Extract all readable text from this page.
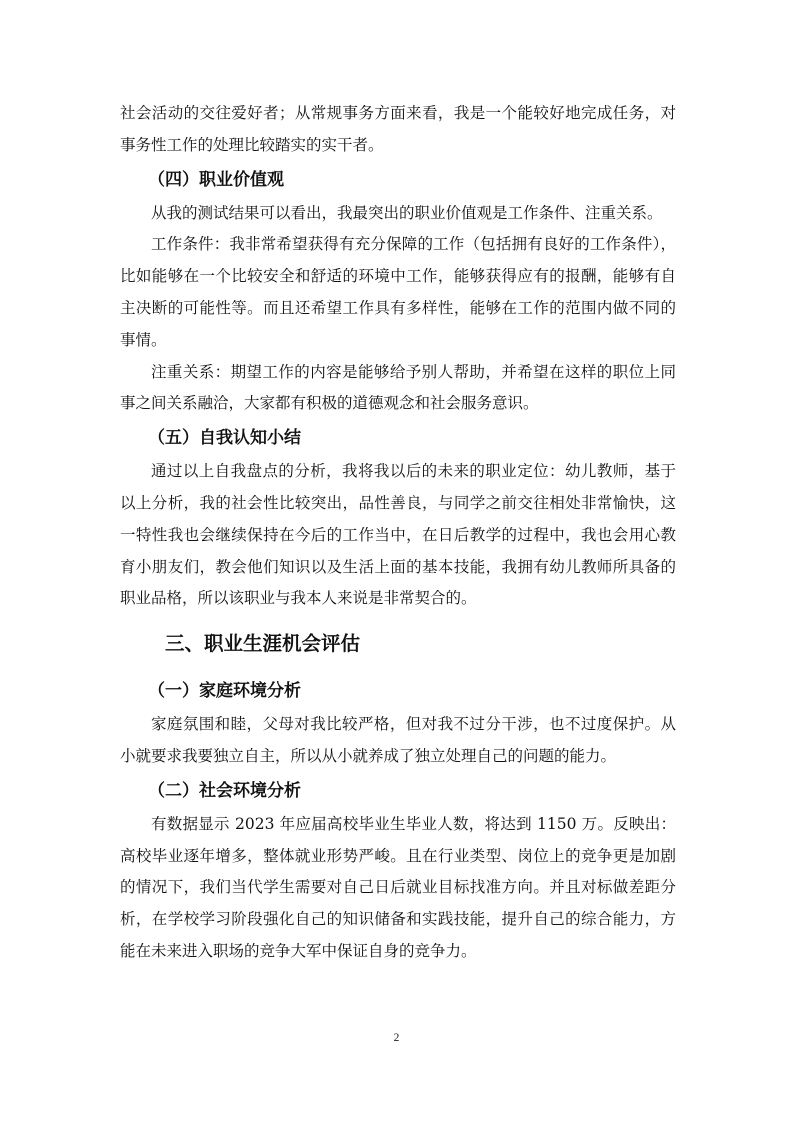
社会活动的交往爱好者；从常规事务方面来看，我是一个能较好地完成任务，对事务性工作的处理比较踏实的实干者。

（四）职业价值观

从我的测试结果可以看出，我最突出的职业价值观是工作条件、注重关系。

工作条件：我非常希望获得有充分保障的工作（包括拥有良好的工作条件），比如能够在一个比较安全和舒适的环境中工作，能够获得应有的报酬，能够有自主决断的可能性等。而且还希望工作具有多样性，能够在工作的范围内做不同的事情。

注重关系：期望工作的内容是能够给予别人帮助，并希望在这样的职位上同事之间关系融洽，大家都有积极的道德观念和社会服务意识。

（五）自我认知小结

通过以上自我盘点的分析，我将我以后的未来的职业定位：幼儿教师，基于以上分析，我的社会性比较突出，品性善良，与同学之前交往相处非常愉快，这一特性我也会继续保持在今后的工作当中，在日后教学的过程中，我也会用心教育小朋友们，教会他们知识以及生活上面的基本技能，我拥有幼儿教师所具备的职业品格，所以该职业与我本人来说是非常契合的。

三、职业生涯机会评估
（一）家庭环境分析

家庭氛围和睦，父母对我比较严格，但对我不过分干涉，也不过度保护。从小就要求我要独立自主，所以从小就养成了独立处理自己的问题的能力。

（二）社会环境分析

有数据显示 2023 年应届高校毕业生毕业人数，将达到 1150 万。反映出：高校毕业逐年增多，整体就业形势严峻。且在行业类型、岗位上的竞争更是加剧的情况下，我们当代学生需要对自己日后就业目标找准方向。并且对标做差距分析，在学校学习阶段强化自己的知识储备和实践技能，提升自己的综合能力，方能在未来进入职场的竞争大军中保证自身的竞争力。

2
